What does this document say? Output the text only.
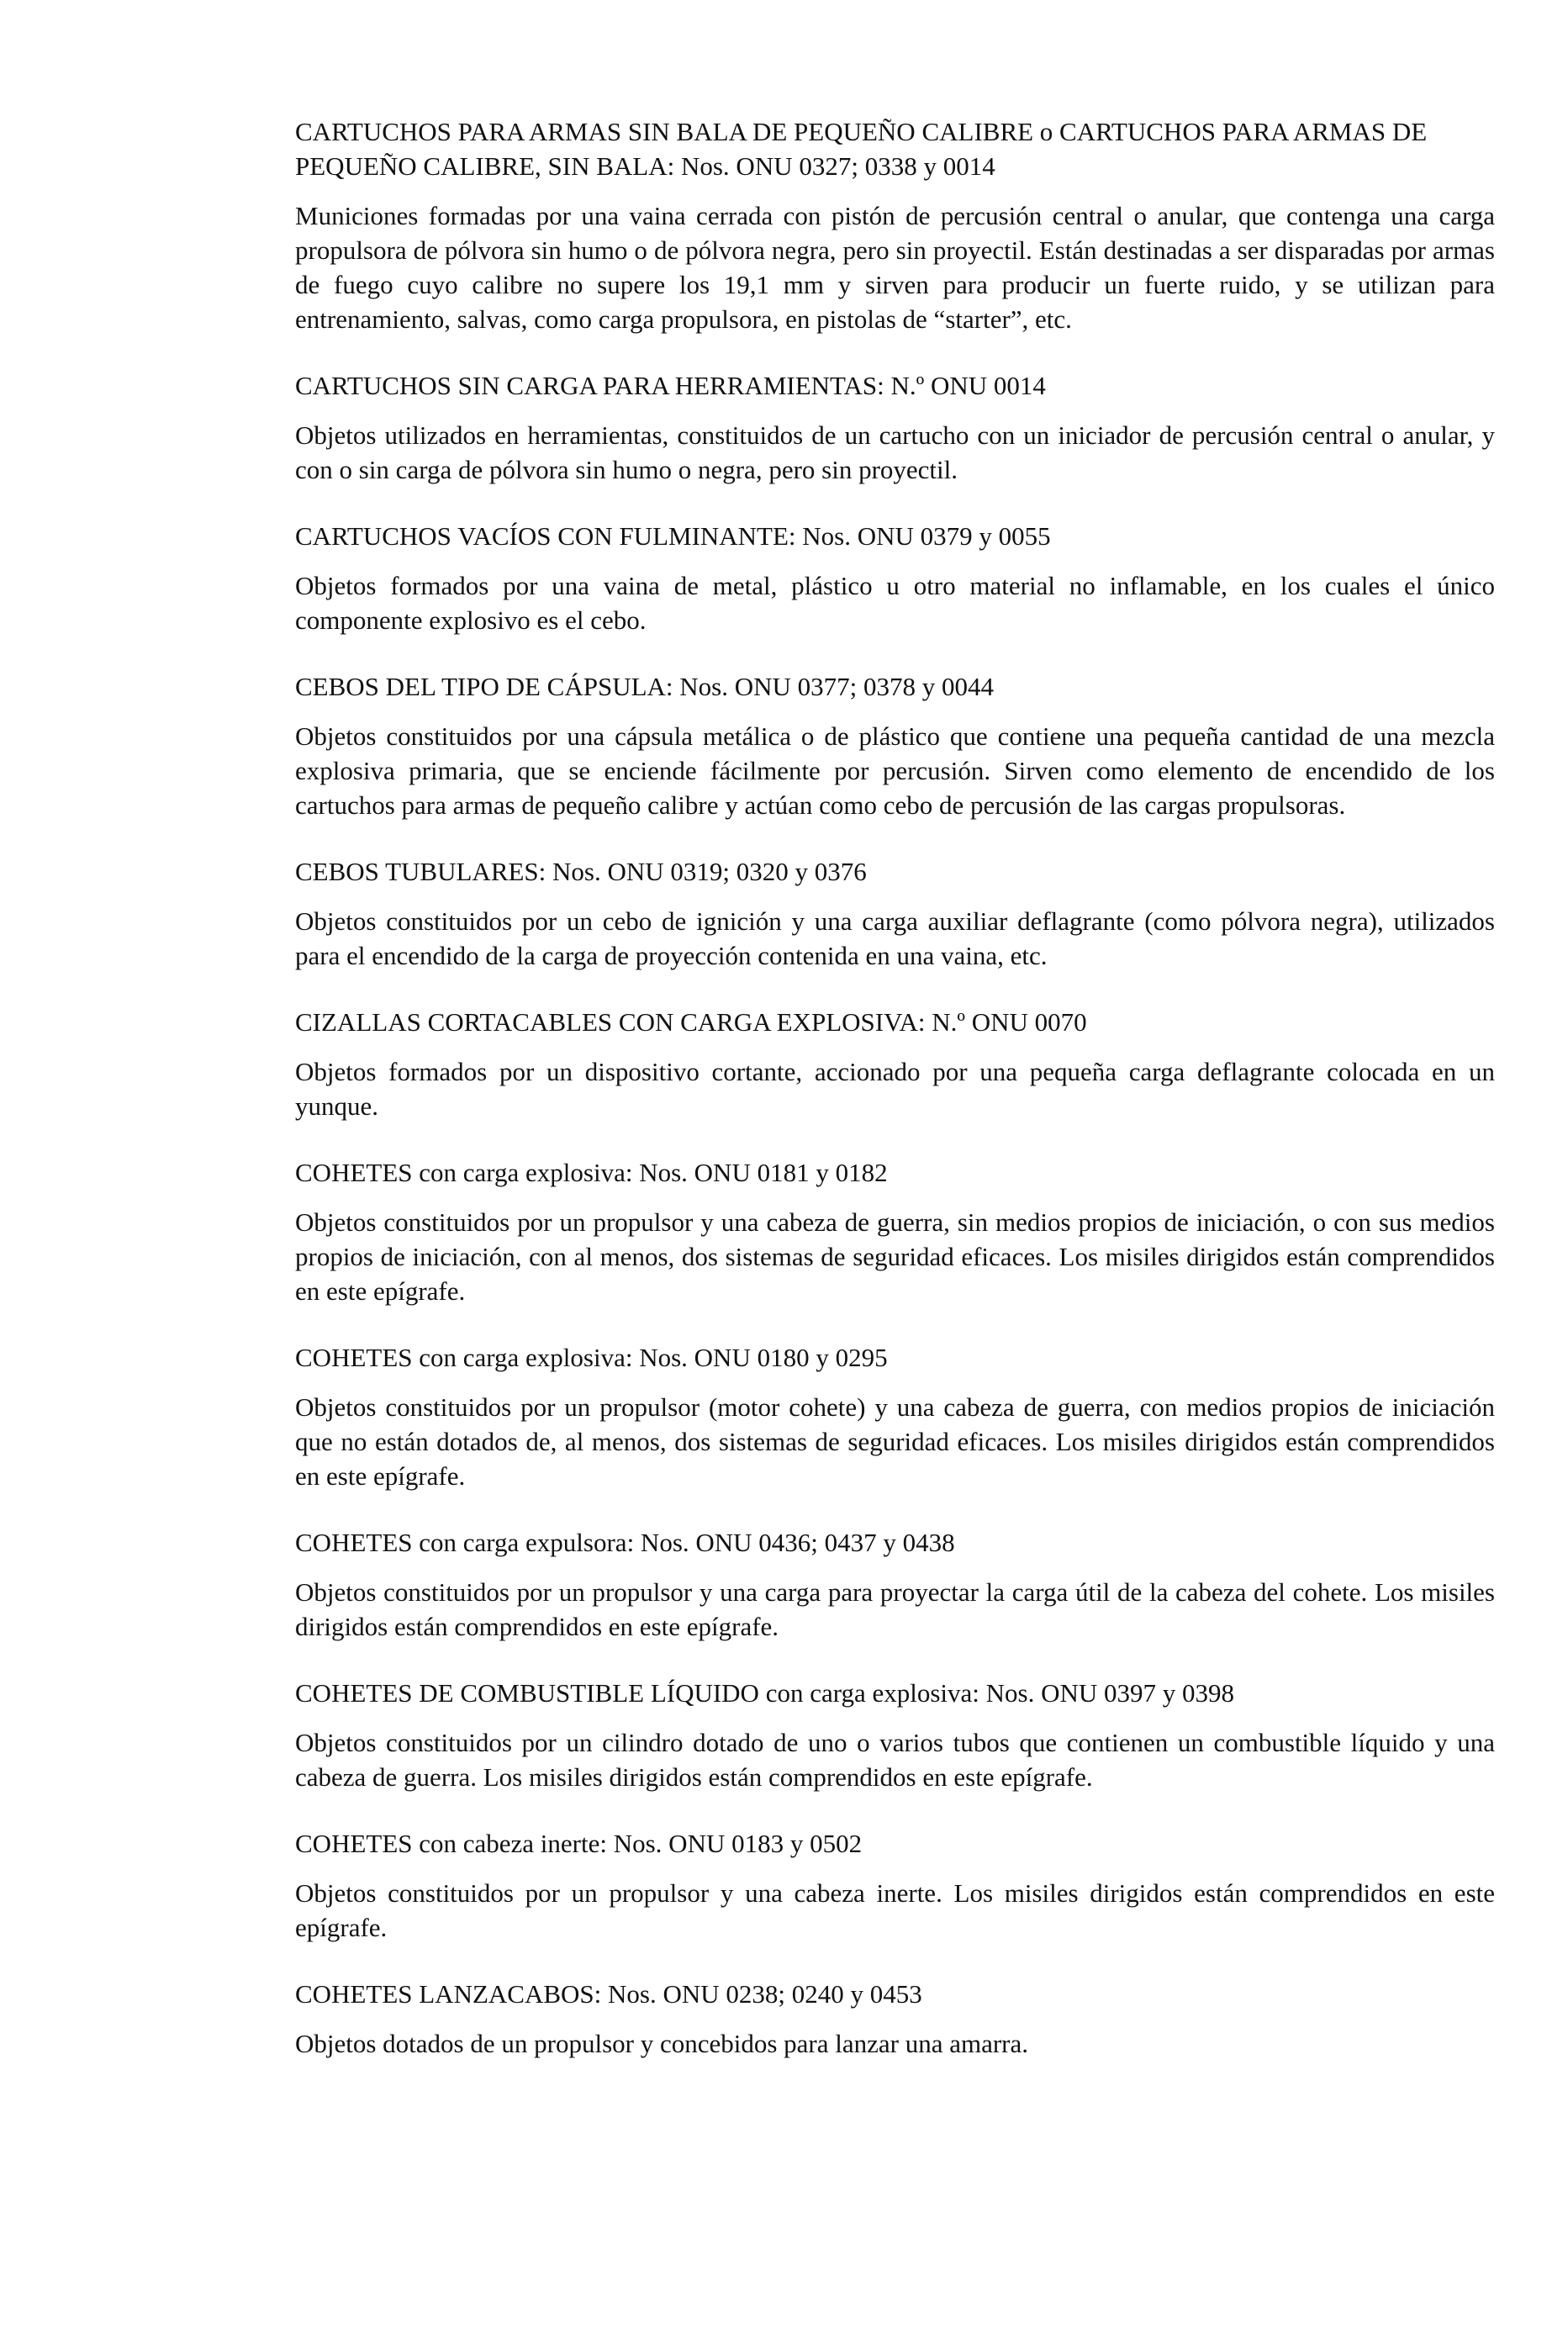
CARTUCHOS PARA ARMAS SIN BALA DE PEQUEÑO CALIBRE o CARTUCHOS PARA ARMAS DE PEQUEÑO CALIBRE, SIN BALA: Nos. ONU 0327; 0338 y 0014

Municiones formadas por una vaina cerrada con pistón de percusión central o anular, que contenga una carga propulsora de pólvora sin humo o de pólvora negra, pero sin proyectil. Están destinadas a ser disparadas por armas de fuego cuyo calibre no supere los 19,1 mm y sirven para producir un fuerte ruido, y se utilizan para entrenamiento, salvas, como carga propulsora, en pistolas de “starter”, etc.

CARTUCHOS SIN CARGA PARA HERRAMIENTAS: N.º ONU 0014

Objetos utilizados en herramientas, constituidos de un cartucho con un iniciador de percusión central o anular, y con o sin carga de pólvora sin humo o negra, pero sin proyectil.

CARTUCHOS VACÍOS CON FULMINANTE: Nos. ONU 0379 y 0055

Objetos formados por una vaina de metal, plástico u otro material no inflamable, en los cuales el único componente explosivo es el cebo.

CEBOS DEL TIPO DE CÁPSULA: Nos. ONU 0377; 0378 y 0044

Objetos constituidos por una cápsula metálica o de plástico que contiene una pequeña cantidad de una mezcla explosiva primaria, que se enciende fácilmente por percusión. Sirven como elemento de encendido de los cartuchos para armas de pequeño calibre y actúan como cebo de percusión de las cargas propulsoras.

CEBOS TUBULARES: Nos. ONU 0319; 0320 y 0376

Objetos constituidos por un cebo de ignición y una carga auxiliar deflagrante (como pólvora negra), utilizados para el encendido de la carga de proyección contenida en una vaina, etc.

CIZALLAS CORTACABLES CON CARGA EXPLOSIVA: N.º ONU 0070

Objetos formados por un dispositivo cortante, accionado por una pequeña carga deflagrante colocada en un yunque.

COHETES con carga explosiva: Nos. ONU 0181 y 0182

Objetos constituidos por un propulsor y una cabeza de guerra, sin medios propios de iniciación, o con sus medios propios de iniciación, con al menos, dos sistemas de seguridad eficaces. Los misiles dirigidos están comprendidos en este epígrafe.

COHETES con carga explosiva: Nos. ONU 0180 y 0295

Objetos constituidos por un propulsor (motor cohete) y una cabeza de guerra, con medios propios de iniciación que no están dotados de, al menos, dos sistemas de seguridad eficaces. Los misiles dirigidos están comprendidos en este epígrafe.

COHETES con carga expulsora: Nos. ONU 0436; 0437 y 0438

Objetos constituidos por un propulsor y una carga para proyectar la carga útil de la cabeza del cohete. Los misiles dirigidos están comprendidos en este epígrafe.

COHETES DE COMBUSTIBLE LÍQUIDO con carga explosiva: Nos. ONU 0397 y 0398

Objetos constituidos por un cilindro dotado de uno o varios tubos que contienen un combustible líquido y una cabeza de guerra. Los misiles dirigidos están comprendidos en este epígrafe.

COHETES con cabeza inerte: Nos. ONU 0183 y 0502

Objetos constituidos por un propulsor y una cabeza inerte. Los misiles dirigidos están comprendidos en este epígrafe.

COHETES LANZACABOS: Nos. ONU 0238; 0240 y 0453

Objetos dotados de un propulsor y concebidos para lanzar una amarra.
